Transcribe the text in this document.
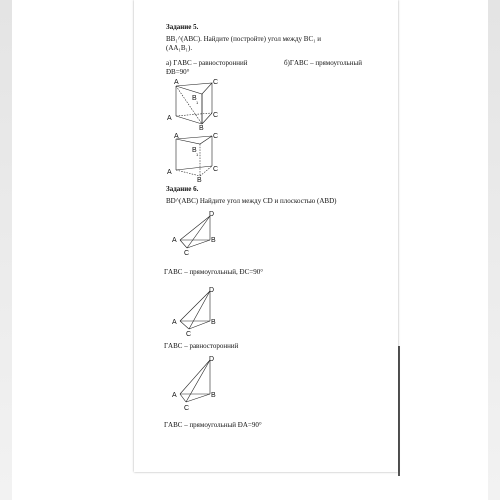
Задание 5.

BB₁^(ABC). Найдите (постройте) угол между BC₁ и

(AA₁B₁).

а) ΓABC – равносторонний	б)ΓABC – прямоугольный

ÐB=90°

A	C
B
1
A	C
B
A	C
B
1
A	C
B

Задание 6.

BD^(ABC) Найдите угол между CD и плоскостью (ABD)

D
A	B
C

ΓABC – прямоугольный, ÐC=90°

D
A	B
C

ΓABC – равносторонний

D
A	B
C

ΓABC – прямоугольный ÐA=90°
